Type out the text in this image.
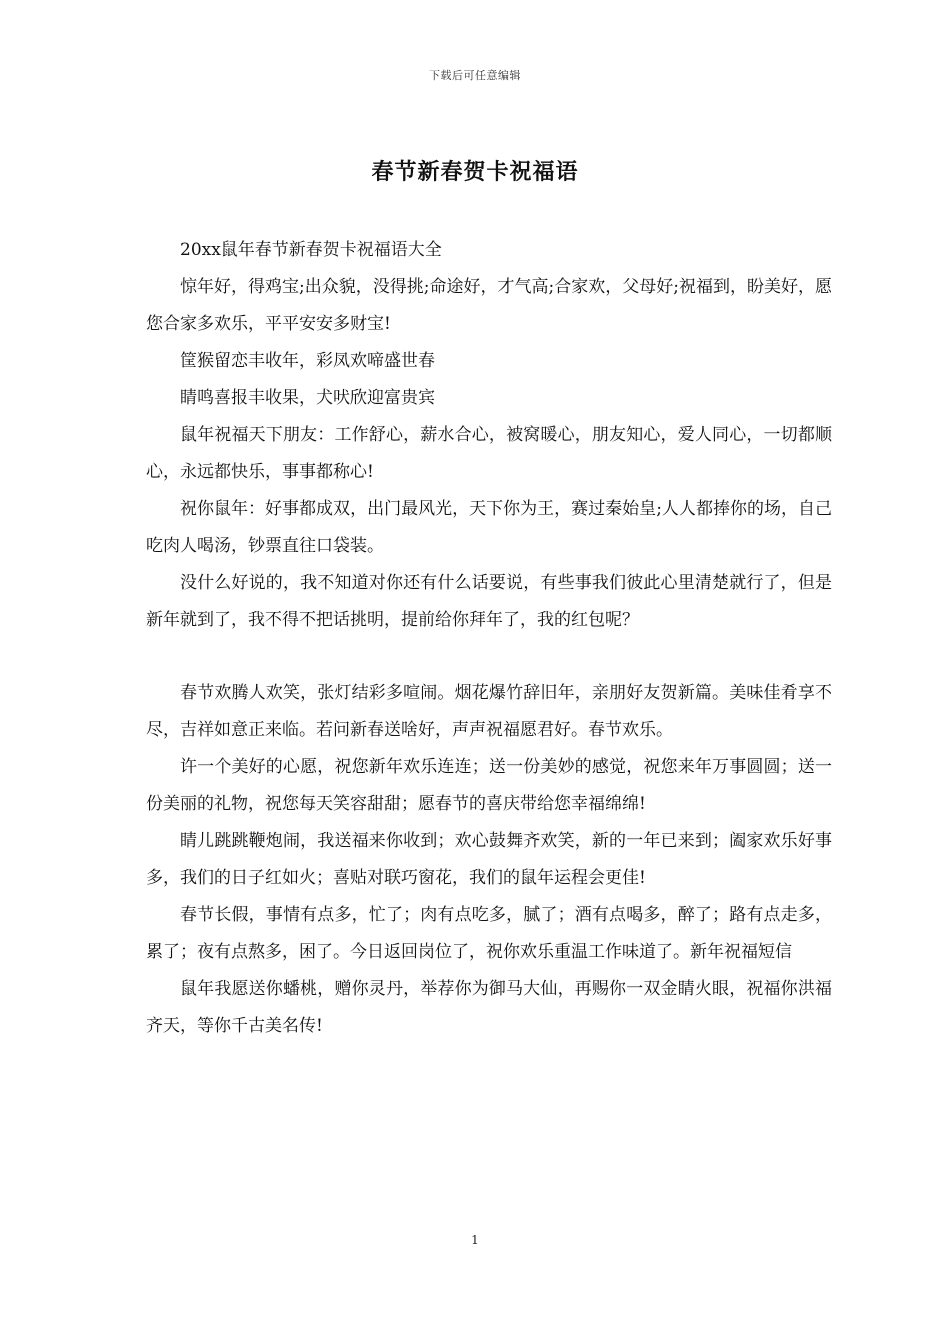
下载后可任意编辑
春节新春贺卡祝福语

20xx鼠年春节新春贺卡祝福语大全

惊年好，得鸡宝;出众貌，没得挑;命途好，才气高;合家欢，父母好;祝福到，盼美好，愿您合家多欢乐，平平安安多财宝!

筐猴留恋丰收年，彩凤欢啼盛世春

睛鸣喜报丰收果，犬吠欣迎富贵宾

鼠年祝福天下朋友：工作舒心，薪水合心，被窝暖心，朋友知心，爱人同心，一切都顺心，永远都快乐，事事都称心!

祝你鼠年：好事都成双，出门最风光，天下你为王，赛过秦始皇;人人都捧你的场，自己吃肉人喝汤，钞票直往口袋装。

没什么好说的，我不知道对你还有什么话要说，有些事我们彼此心里清楚就行了，但是新年就到了，我不得不把话挑明，提前给你拜年了，我的红包呢？

春节欢腾人欢笑，张灯结彩多喧闹。烟花爆竹辞旧年，亲朋好友贺新篇。美味佳肴享不尽，吉祥如意正来临。若问新春送啥好，声声祝福愿君好。春节欢乐。

许一个美好的心愿，祝您新年欢乐连连；送一份美妙的感觉，祝您来年万事圆圆；送一份美丽的礼物，祝您每天笑容甜甜；愿春节的喜庆带给您幸福绵绵!

睛儿跳跳鞭炮闹，我送福来你收到；欢心鼓舞齐欢笑，新的一年已来到；阖家欢乐好事多，我们的日子红如火；喜贴对联巧窗花，我们的鼠年运程会更佳!

春节长假，事情有点多，忙了；肉有点吃多，腻了；酒有点喝多，醉了；路有点走多，累了；夜有点熬多，困了。今日返回岗位了，祝你欢乐重温工作味道了。新年祝福短信

鼠年我愿送你蟠桃，赠你灵丹，举荐你为御马大仙，再赐你一双金睛火眼，祝福你洪福齐天，等你千古美名传!

1
